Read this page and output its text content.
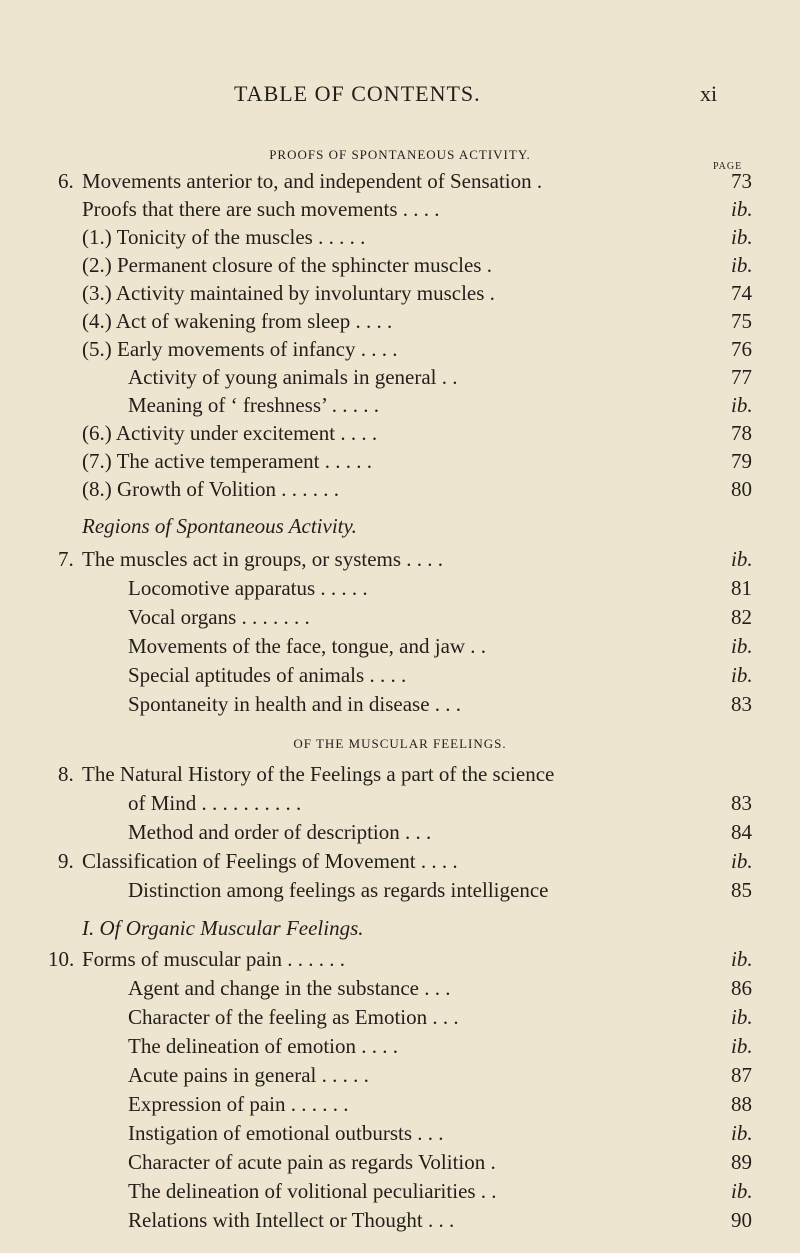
TABLE OF CONTENTS.	xi
PROOFS OF SPONTANEOUS ACTIVITY.
PAGE
6. Movements anterior to, and independent of Sensation .	73
Proofs that there are such movements . . . .	ib.
(1.) Tonicity of the muscles . . . . .	ib.
(2.) Permanent closure of the sphincter muscles .	ib.
(3.) Activity maintained by involuntary muscles .	74
(4.) Act of wakening from sleep . . . .	75
(5.) Early movements of infancy . . . .	76
Activity of young animals in general . .	77
Meaning of ‘ freshness’ . . . . .	ib.
(6.) Activity under excitement . . . .	78
(7.) The active temperament . . . . .	79
(8.) Growth of Volition . . . . . .	80
Regions of Spontaneous Activity.
7. The muscles act in groups, or systems . . . .	ib.
Locomotive apparatus . . . . .	81
Vocal organs . . . . . . .	82
Movements of the face, tongue, and jaw . .	ib.
Special aptitudes of animals . . . .	ib.
Spontaneity in health and in disease . . .	83
OF THE MUSCULAR FEELINGS.
8. The Natural History of the Feelings a part of the science
of Mind . . . . . . . . . .	83
Method and order of description . . .	84
9. Classification of Feelings of Movement . . . .	ib.
Distinction among feelings as regards intelligence	85
I. Of Organic Muscular Feelings.
10. Forms of muscular pain . . . . . .	ib.
Agent and change in the substance . . .	86
Character of the feeling as Emotion . . .	ib.
The delineation of emotion . . . .	ib.
Acute pains in general . . . . .	87
Expression of pain . . . . . .	88
Instigation of emotional outbursts . . .	ib.
Character of acute pain as regards Volition .	89
The delineation of volitional peculiarities . .	ib.
Relations with Intellect or Thought . . .	90
